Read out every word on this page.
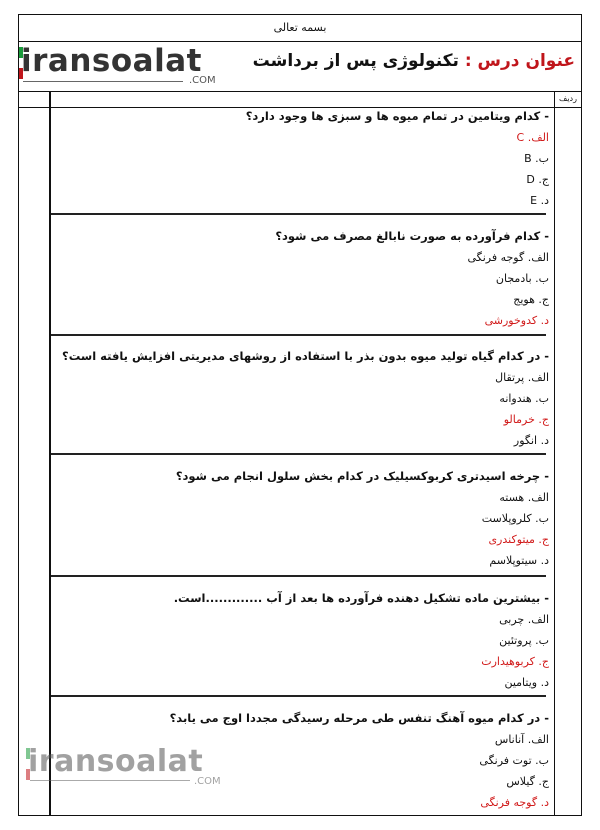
بسمه تعالی
iransoalat
.COM
عنوان درس : تکنولوژی پس از برداشت
ردیف
- کدام ویتامین در تمام میوه ها و سبزی ها وجود دارد؟
الف. C
ب. B
ج. D
د. E
- کدام فرآورده به صورت نابالغ مصرف می شود؟
الف. گوجه فرنگی
ب. بادمجان
ج. هویج
د. کدوخورشی
- در کدام گیاه تولید میوه بدون بذر با استفاده از روشهای مدیریتی افزایش یافته است؟
الف. پرتقال
ب. هندوانه
ج. خرمالو
د. انگور
- چرخه اسیدتری کربوکسیلیک در کدام بخش سلول انجام می شود؟
الف. هسته
ب. کلروپلاست
ج. میتوکندری
د. سیتوپلاسم
- بیشترین ماده تشکیل دهنده فرآورده ها بعد از آب .............است.
الف. چربی
ب. پروتئین
ج. کربوهیدارت
د. ویتامین
- در کدام میوه آهنگ تنفس طی مرحله رسیدگی مجددا اوج می یابد؟
الف. آناناس
ب. توت فرنگی
ج. گیلاس
د. گوجه فرنگی
iransoalat
.COM
